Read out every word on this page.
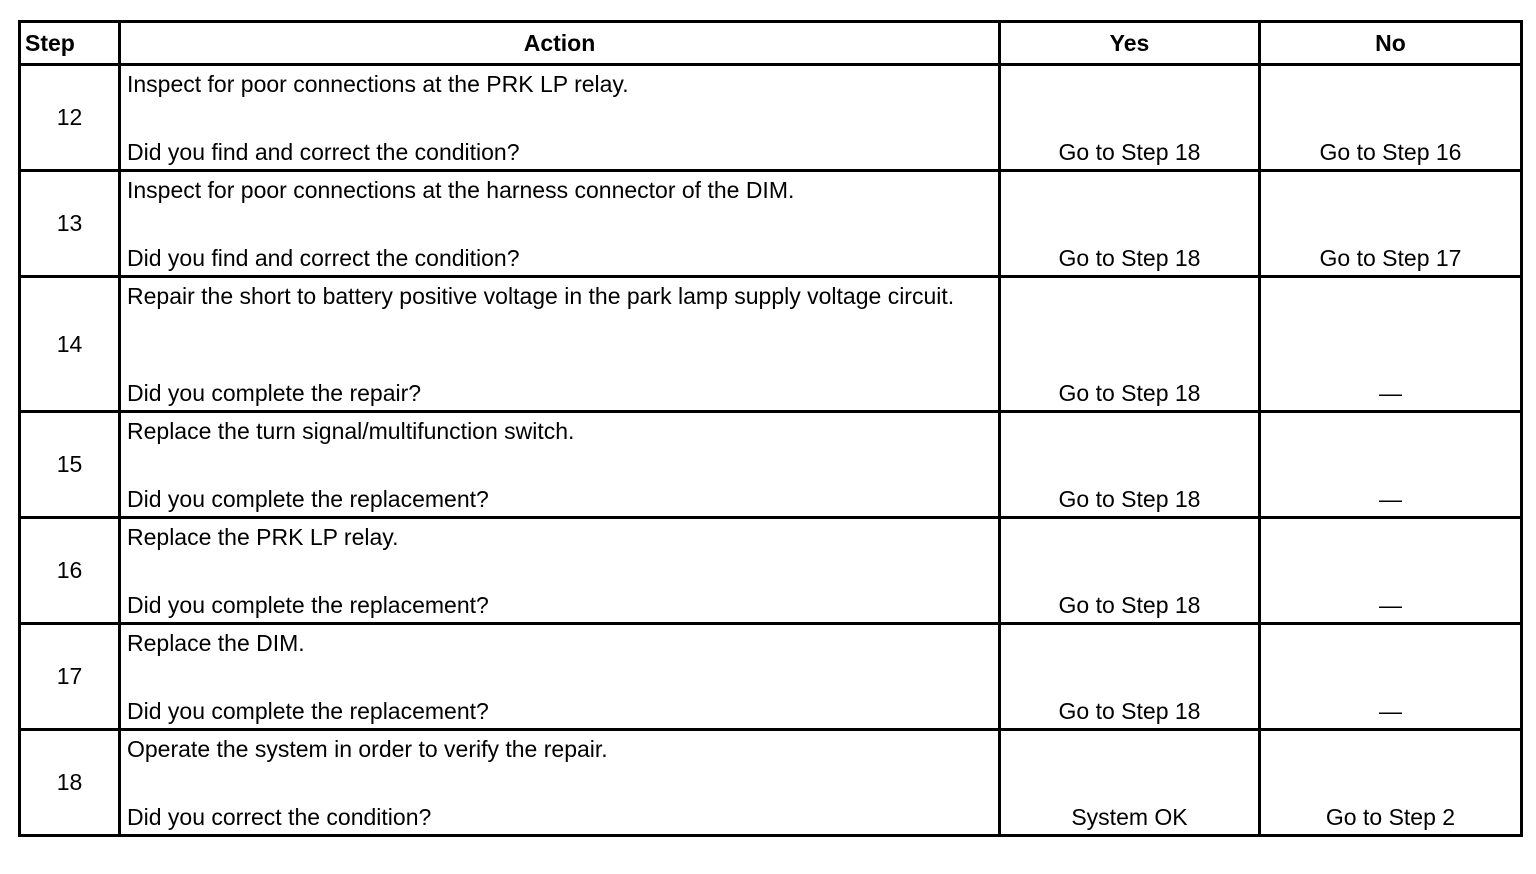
Step	Action	Yes	No
12	Inspect for poor connections at the PRK LP relay.
Did you find and correct the condition?	Go to Step 18	Go to Step 16

13	Inspect for poor connections at the harness connector of the DIM.
Did you find and correct the condition?	Go to Step 18	Go to Step 17

14	Repair the short to battery positive voltage in the park lamp supply voltage circuit.
Did you complete the repair?	Go to Step 18	—

15	Replace the turn signal/multifunction switch.
Did you complete the replacement?	Go to Step 18	—

16	Replace the PRK LP relay.
Did you complete the replacement?	Go to Step 18	—

17	Replace the DIM.
Did you complete the replacement?	Go to Step 18	—

18	Operate the system in order to verify the repair.
Did you correct the condition?	System OK	Go to Step 2
